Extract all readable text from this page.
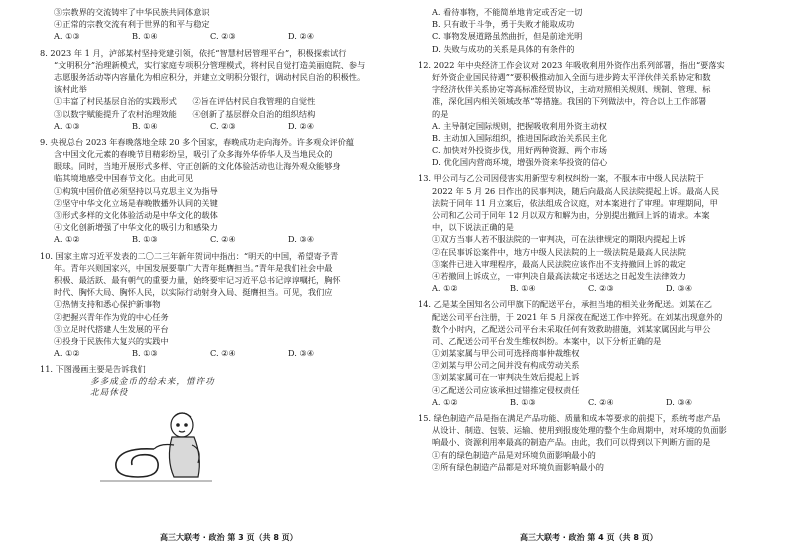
③宗教界的交流铸牢了中华民族共同体意识
④正常的宗教交流有利于世界的和平与稳定
A. ①③	B. ①④	C. ②③	D. ②④
8. 2023 年 1 月，泸部某村坚持党建引领，依托“智慧村居管理平台”，积极探索试行
“文明积分”治理新模式，实行家庭专项积分管理模式，将村民自觉打造美丽庭院、参与
志愿服务活动等内容量化为相应积分，并建立文明积分银行，调动村民自治的积极性。
该村此举
①丰富了村民基层自治的实践形式 ②旨在评估村民自我管理的自觉性
③以数字赋能提升了农村治理效能 ④创新了基层群众自治的组织结构
A. ①③	B. ①④	C. ②③	D. ②④
9. 央视总台 2023 年春晚落地全球 20 多个国家，春晚成功走向海外。许多观众评价蕴
含中国文化元素的春晚节目精彩纷呈，吸引了众多海外华侨华人及当地民众的
眼球。同时，当地开展形式多样、守正创新的文化体验活动也让海外观众能够身
临其境地感受中国春节文化。由此可见
①构筑中国价值必须坚持以马克思主义为指导
②坚守中华文化立场是春晚散播外认同的关键
③形式多样的文化体验活动是中华文化的载体
④文化创新增强了中华文化的吸引力和感染力
A. ①②	B. ①③	C. ②④	D. ③④
10. 国家主席习近平发表的二〇二三年新年贺词中指出：“明天的中国，希望寄予青
年。青年兴则国家兴，中国发展要靠广大青年挺膺担当。”青年是我们社会中最
积极、最活跃、最有朝气的重要力量，始终要牢记习近平总书记谆谆嘱托，胸怀
时代、胸怀大局、胸怀人民，以实际行动射身入局、挺膺担当。可见，我们应
①热情支持和悉心保护新事物
②把握兴青年作为党的中心任务
③立足时代搭建人生发展的平台
④投身于民族伟大复兴的实践中
A. ①②	B. ①③	C. ②④	D. ③④
11. 下图漫画主要是告诉我们
多多成金币的给未来，惜许功北局休役
A. 看待事物，不能简单地肯定或否定一切
B. 只有敢于斗争，勇于失败才能取成功
C. 事物发展道路虽然曲折，但是前途光明
D. 失败与成功的关系是具体的有条件的
12. 2022 年中央经济工作会议对 2023 年吸收利用外资作出系列部署，指出“要落实
好外资企业国民待遇”“要积极推动加入全面与进步跨太平洋伙伴关系协定和数
字经济伙伴关系协定等高标准经贸协议，主动对照相关规则、规制、管理、标
准，深化国内相关领域改革”等措施。我国的下列做法中，符合以上工作部署
的是
A. 主导制定国际规则，把握吸收利用外资主动权
B. 主动加入国际组织，推进国际政治关系民主化
C. 加快对外投资步伐，用好两种资源、两个市场
D. 优化国内营商环境，增强外资来华投资的信心
13. 甲公司与乙公司因侵害实用新型专利权纠纷一案，不服本市中级人民法院于
2022 年 5 月 26 日作出的民事判决，随后向最高人民法院提起上诉。最高人民
法院于同年 11 月立案后，依法组成合议庭，对本案进行了审理。审理期间，甲
公司和乙公司于同年 12 月以双方和解为由，分别提出撤回上诉的请求。本案
中，以下说法正确的是
①双方当事人若不服法院的一审判决，可在法律规定的期限内提起上诉
②在民事诉讼案件中，地方中级人民法院的上一级法院是最高人民法院
③案件已进入审理程序，最高人民法院应该作出不支持撤回上诉的裁定
④若撤回上诉成立，一审判决自最高法裁定书送达之日起发生法律效力
A. ①②	B. ①④	C. ②③	D. ③④
14. 乙是某全国知名公司甲旗下的配送平台，承担当地的相关业务配送。刘某在乙
配送公司平台注册，于 2021 年 5 月深夜在配送工作中猝死。在刘某出现意外的
数个小时内，乙配送公司平台未采取任何有效救助措施，刘某家属因此与甲公
司、乙配送公司平台发生维权纠纷。本案中，以下分析正确的是
①刘某家属与甲公司可选择商事仲裁维权
②刘某与甲公司之间并没有构成劳动关系
③刘某家属可在一审判决生效后提起上诉
④乙配送公司应该承担过错推定侵权责任
A. ①②	B. ①③	C. ②④	D. ③④
15. 绿色制造产品是指在满足产品功能、质量和成本等要求的前提下，系统考虑产品
从设计、制造、包装、运输、使用到报废处理的整个生命周期中，对环境的负面影
响最小、资源利用率最高的制造产品。由此，我们可以得到以下判断方面的是
①有的绿色制造产品是对环境负面影响最小的
②所有绿色制造产品都是对环境负面影响最小的
高三大联考 · 政治 第 3 页（共 8 页）	高三大联考 · 政治 第 4 页（共 8 页）
